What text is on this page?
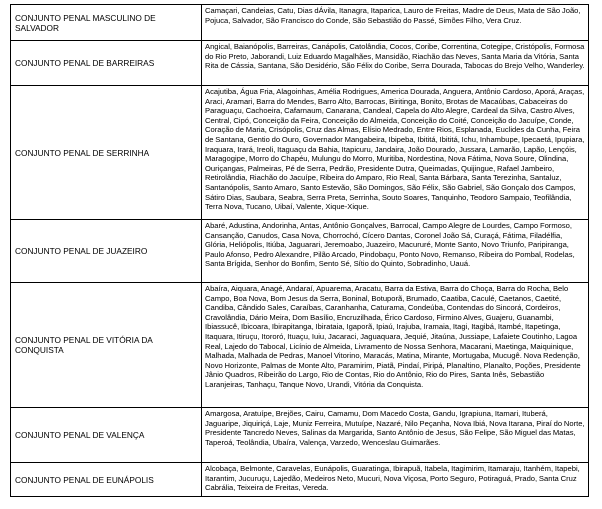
CONJUNTO PENAL MASCULINO DE SALVADOR	Camaçari, Candeias, Catu, Dias dÁvila, Itanagra, Itaparica, Lauro de Freitas, Madre de Deus, Mata de São João, Pojuca, Salvador, São Francisco do Conde, São Sebastião do Passé, Simões Filho, Vera Cruz.
CONJUNTO PENAL DE BARREIRAS	Angical, Baianópolis, Barreiras, Canápolis, Catolândia, Cocos, Coribe, Correntina, Cotegipe, Cristópolis, Formosa do Rio Preto, Jaborandi, Luiz Eduardo Magalhães, Mansidão, Riachão das Neves, Santa Maria da Vitória, Santa Rita de Cássia, Santana, São Desidério, São Félix do Coribe, Serra Dourada, Tabocas do Brejo Velho, Wanderley.
CONJUNTO PENAL DE SERRINHA	Acajutiba, Água Fria, Alagoinhas, Amélia Rodrigues, America Dourada, Anguera, Antônio Cardoso, Aporá, Araças, Araci, Aramari, Barra do Mendes, Barro Alto, Barrocas, Biritinga, Bonito, Brotas de Macaúbas, Cabaceiras do Paraguaçu, Cachoeira, Cafarnaum, Canarana, Candeal, Capela do Alto Alegre, Cardeal da Silva, Castro Alves, Central, Cipó, Conceição da Feira, Conceição do Almeida, Conceição do Coité, Conceição do Jacuípe, Conde, Coração de Maria, Crisópolis, Cruz das Almas, Elísio Medrado, Entre Rios, Esplanada, Euclides da Cunha, Feira de Santana, Gentio do Ouro, Governador Mangabeira, Ibipeba, Ibititá, Ibititá, Ichu, Inhambupe, Ipecaetá, Ipupiara, Iraquara, Irará, Ireoli, Itaguaçu da Bahia, Itapicuru, Jandaira, João Dourado, Jussara, Lamarão, Lapão, Lençóis, Maragogipe, Morro do Chapéu, Mulungu do Morro, Muritiba, Nordestina, Nova Fátima, Nova Soure, Olindina, Ouriçangas, Palmeiras, Pé de Serra, Pedrão, Presidente Dutra, Queimadas, Quijingue, Rafael Jambeiro, Retirolândia, Riachão do Jacuípe, Ribeira do Amparo, Rio Real, Santa Bárbara, Santa Terezinha, Santaluz, Santanópolis, Santo Amaro, Santo Estevão, São Domingos, São Félix, São Gabriel, São Gonçalo dos Campos, Sátiro Dias, Saubara, Seabra, Serra Preta, Serrinha, Souto Soares, Tanquinho, Teodoro Sampaio, Teofilândia, Terra Nova, Tucano, Uibaí, Valente, Xique-Xique.
CONJUNTO PENAL DE JUAZEIRO	Abaré, Adustina, Andorinha, Antas, Antônio Gonçalves, Barrocal, Campo Alegre de Lourdes, Campo Formoso, Cansanção, Canudos, Casa Nova, Chorrochó, Cícero Dantas, Coronel João Sá, Curaçá, Fátima, Filadélfia, Glória, Heliópolis, Itiúba, Jaguarari, Jeremoabo, Juazeiro, Macururé, Monte Santo, Novo Triunfo, Paripiranga, Paulo Afonso, Pedro Alexandre, Pilão Arcado, Pindobaçu, Ponto Novo, Remanso, Ribeira do Pombal, Rodelas, Santa Brígida, Senhor do Bonfim, Sento Sé, Sítio do Quinto, Sobradinho, Uauá.
CONJUNTO PENAL DE VITÓRIA DA CONQUISTA	Abaíra, Aiquara, Anagé, Andaraí, Apuarema, Aracatu, Barra da Estiva, Barra do Choça, Barra do Rocha, Belo Campo, Boa Nova, Bom Jesus da Serra, Boninal, Botuporã, Brumado, Caatiba, Caculé, Caetanos, Caetité, Candiba, Cândido Sales, Caraíbas, Caranhanha, Caturama, Condeúba, Contendas do Sincorá, Cordeiros, Cravolândia, Dário Meira, Dom Basílio, Encruzilhada, Érico Cardoso, Firmino Alves, Guajeru, Guanambi, Ibiassucê, Ibicoara, Ibirapitanga, Ibirataia, Igaporã, Ipiaú, Irajuba, Iramaia, Itagi, Itagibá, Itambé, Itapetinga, Itaquara, Itiruçu, Itororó, Ituaçu, Iuiu, Jacaraci, Jaguaquara, Jequié, Jitaúna, Jussiape, Lafaiete Coutinho, Lagoa Real, Lajedo do Tabocal, Licínio de Almeida, Livramento de Nossa Senhora, Macarani, Maetinga, Maiquinique, Malhada, Malhada de Pedras, Manoel Vitorino, Maracás, Matina, Mirante, Mortugaba, Mucugê. Nova Redenção, Novo Horizonte, Palmas de Monte Alto, Paramirim, Piatã, Pindaí, Piripá, Planaltino, Planalto, Poções, Presidente Jânio Quadros, Ribeirão do Largo, Rio de Contas, Rio do Antônio, Rio do Pires, Santa Inês, Sebastião Laranjeiras, Tanhaçu, Tanque Novo, Urandi, Vitória da Conquista.
CONJUNTO PENAL DE VALENÇA	Amargosa, Aratuípe, Brejões, Cairu, Camamu, Dom Macedo Costa, Gandu, Igrapiuna, Itamari, Ituberá, Jaguaripe, Jiquiriçá, Laje, Muniz Ferreira, Mutuípe, Nazaré, Nilo Peçanha, Nova Ibiá, Nova Itarana, Piraí do Norte, Presidente Tancredo Neves, Salinas da Margarida, Santo Antônio de Jesus, São Felipe, São Miguel das Matas, Taperoá, Teolândia, Ubaíra, Valença, Varzedo, Wenceslau Guimarães.
CONJUNTO PENAL DE EUNÁPOLIS	Alcobaça, Belmonte, Caravelas, Eunápolis, Guaratinga, Ibirapuã, Itabela, Itagimirim, Itamaraju, Itanhém, Itapebi, Itarantim, Jucuruçu, Lajedão, Medeiros Neto, Mucuri, Nova Viçosa, Porto Seguro, Potiraguá, Prado, Santa Cruz Cabrália, Teixeira de Freitas, Vereda.
